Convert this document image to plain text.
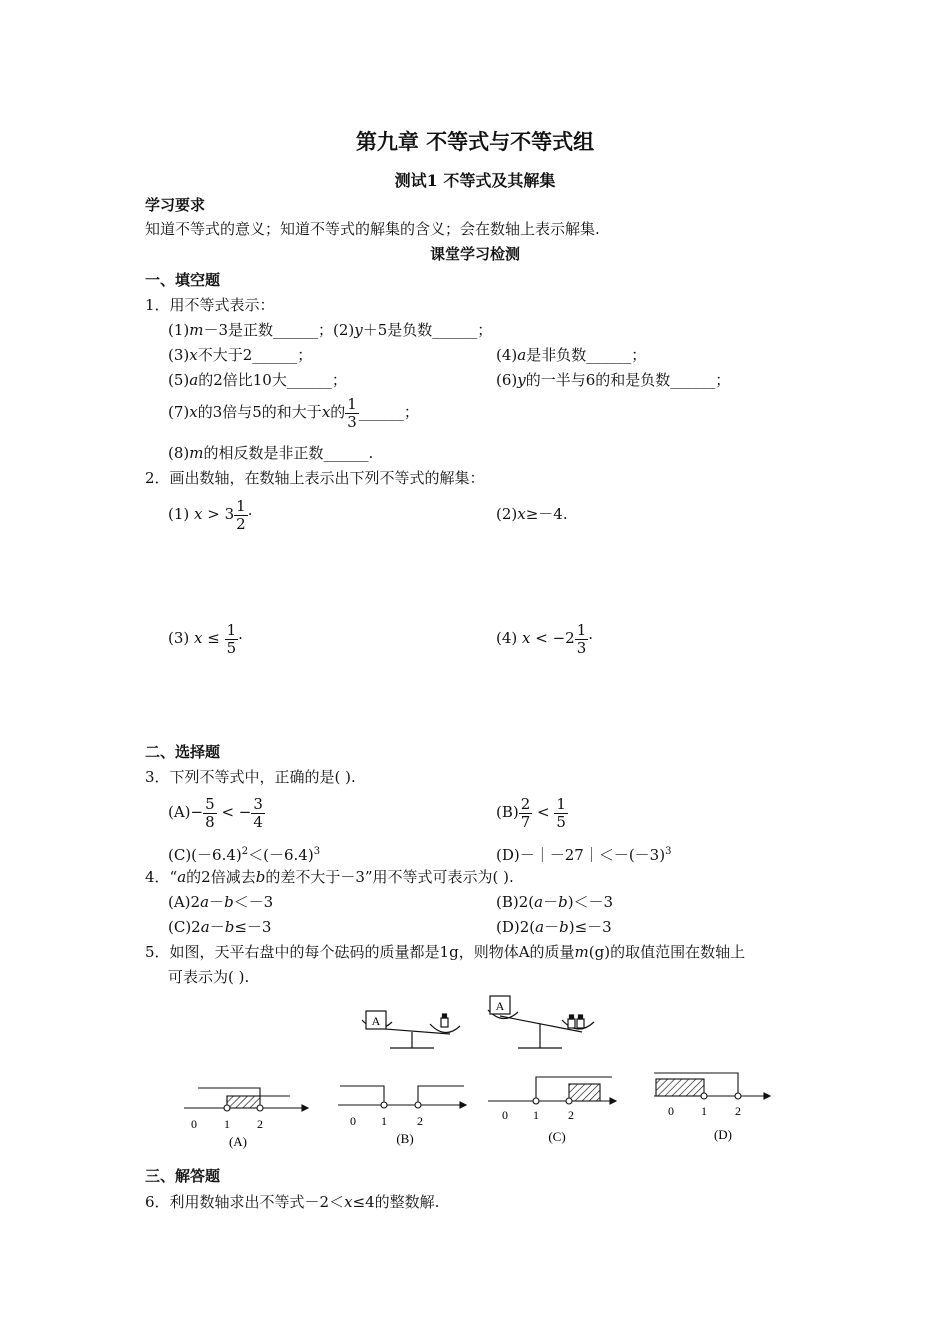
第九章 不等式与不等式组
测试1 不等式及其解集
学习要求
知道不等式的意义；知道不等式的解集的含义；会在数轴上表示解集.
课堂学习检测
一、填空题
1．用不等式表示：
(1)m－3是正数______；(2)y＋5是负数______；
(3)x不大于2______；	(4)a是非负数______；
(5)a的2倍比10大______；	(6)y的一半与6的和是负数______；
(7)x的3倍与5的和大于x的 $\frac{1}{3}$ ______；
(8)m的相反数是非正数______.
2．画出数轴，在数轴上表示出下列不等式的解集：
(1) $x > 3 \frac{1}{2}$ ·	(2)x≥－4.
(3) $x \le \frac{1}{5}$ ·	(4) $x < -2 \frac{1}{3}$ ·
二、选择题
3．下列不等式中，正确的是( ).
$(A)- \frac{5}{8}$ < − $\frac{3}{4}$	$(B) \frac{2}{7} < \frac{1}{5}$
$(C)(-6.4)^2<(-6.4)^3$	$(D)-|-27|<-(-3)^3$
4．“a的2倍减去b的差不大于－3”用不等式可表示为( ).
(A)2a－b＜－3	(B)2(a－b)＜－3
(C)2a－b≤－3	(D)2(a－b)≤－3
5．如图，天平右盘中的每个砝码的质量都是1g，则物体A的质量m(g)的取值范围在数轴上
可表示为( ).
A
A
0 1 2
(A)
0 1	2
(B)
0 1 2
(C)
0 1 2
(D)
三、解答题
6．利用数轴求出不等式－2＜x≤4的整数解.
